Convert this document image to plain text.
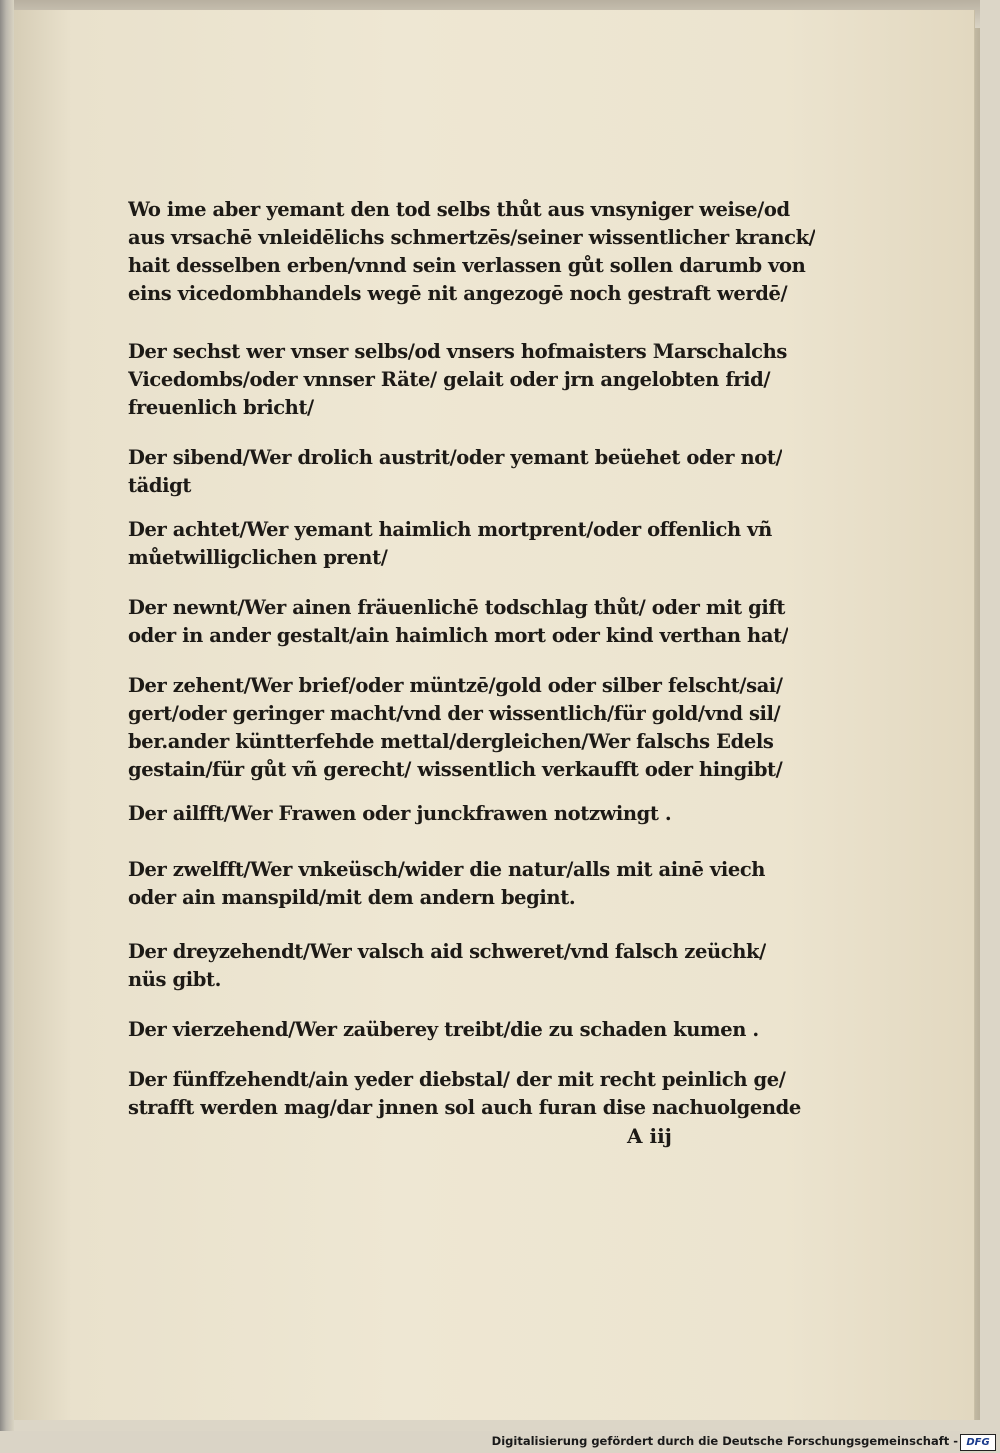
Wo ime aber yemant den tod selbs thůt aus vnsyniger weise/od
aus vrsachē vnleidēlichs schmertzēs/seiner wissentlicher kranck/
hait desselben erben/vnnd sein verlassen gůt sollen darumb von
eins vicedombhandels wegē nit angezogē noch gestraft werdē/
Der sechst wer vnser selbs/od vnsers hofmaisters Marschalchs
Vicedombs/oder vnnser Räte/ gelait oder jrn angelobten frid/
freuenlich bricht/
Der sibend/Wer drolich austrit/oder yemant beüehet oder not/
tädigt
Der achtet/Wer yemant haimlich mortprent/oder offenlich vñ
můetwilligclichen prent/
Der newnt/Wer ainen fräuenlichē todschlag thůt/ oder mit gift
oder in ander gestalt/ain haimlich mort oder kind verthan hat/
Der zehent/Wer brief/oder müntzē/gold oder silber felscht/sai/
gert/oder geringer macht/vnd der wissentlich/für gold/vnd sil/
ber.ander küntterfehde mettal/dergleichen/Wer falschs Edels
gestain/für gůt vñ gerecht/ wissentlich verkaufft oder hingibt/
Der ailfft/Wer Frawen oder junckfrawen notzwingt .
Der zwelfft/Wer vnkeüsch/wider die natur/alls mit ainē viech
oder ain manspild/mit dem andern begint.
Der dreyzehendt/Wer valsch aid schweret/vnd falsch zeüchk/
nüs gibt.
Der vierzehend/Wer zaüberey treibt/die zu schaden kumen .
Der fünffzehendt/ain yeder diebstal/ der mit recht peinlich ge/
strafft werden mag/dar jnnen sol auch furan dise nachuolgende
A iij
Digitalisierung gefördert durch die Deutsche Forschungsgemeinschaft - DFG
